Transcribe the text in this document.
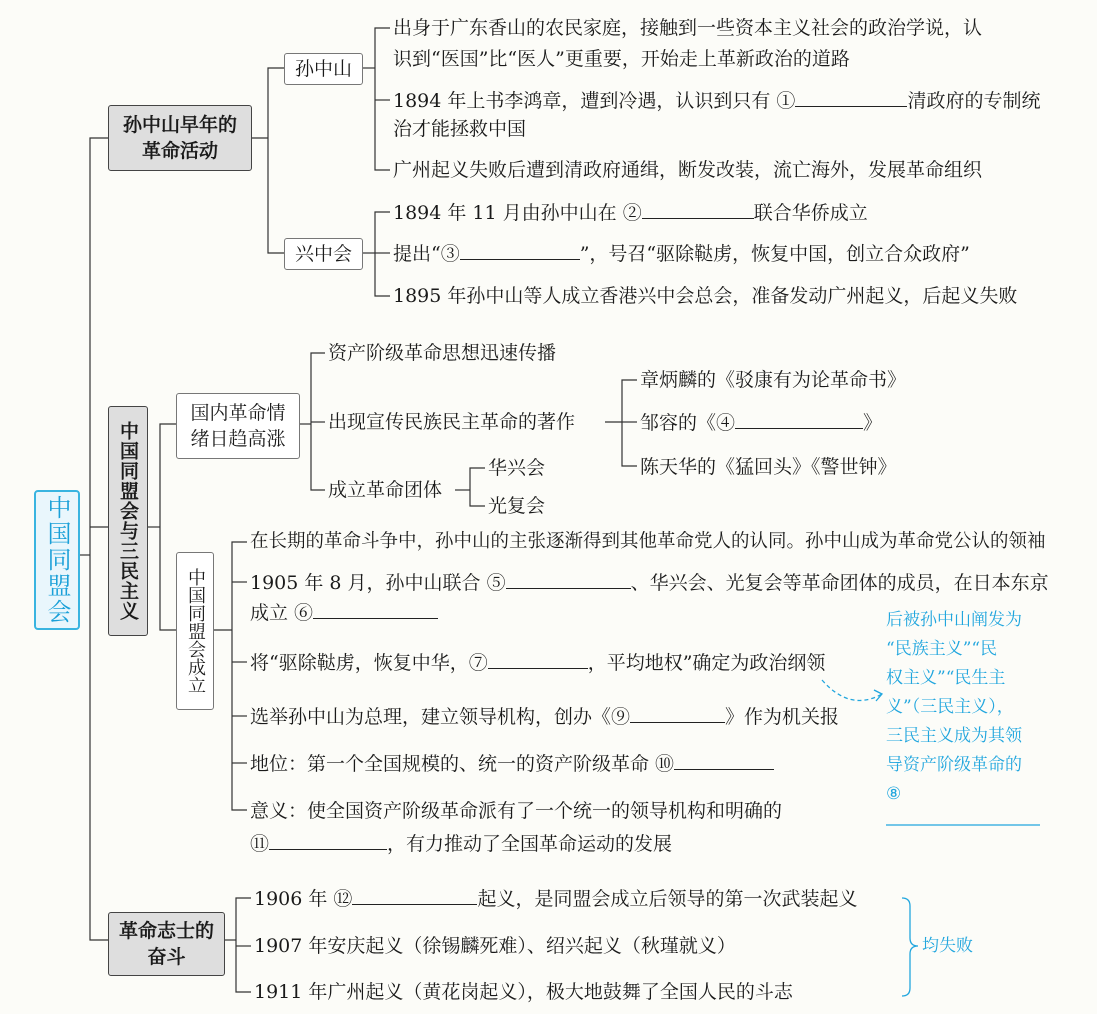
中国同盟会
孙中山早年的革命活动
孙中山
出身于广东香山的农民家庭，接触到一些资本主义社会的政治学说，认
识到“医国”比“医人”更重要，开始走上革新政治的道路
1894 年上书李鸿章，遭到冷遇，认识到只有 ①	清政府的专制统
治才能拯救中国
广州起义失败后遭到清政府通缉，断发改装，流亡海外，发展革命组织
兴中会
1894 年 11 月由孙中山在 ②	联合华侨成立
提出“③	”，号召“驱除鞑虏，恢复中国，创立合众政府”
1895 年孙中山等人成立香港兴中会总会，准备发动广州起义，后起义失败
中国同盟会与三民主义
国内革命情绪日趋高涨
资产阶级革命思想迅速传播
出现宣传民族民主革命的著作
章炳麟的《驳康有为论革命书》
邹容的《④	》
陈天华的《猛回头》《警世钟》
成立革命团体
华兴会
光复会
中国同盟会成立
在长期的革命斗争中，孙中山的主张逐渐得到其他革命党人的认同。孙中山成为革命党公认的领袖
1905 年 8 月，孙中山联合 ⑤	、华兴会、光复会等革命团体的成员，在日本东京
成立 ⑥
将“驱除鞑虏，恢复中华，⑦	，平均地权”确定为政治纲领
选举孙中山为总理，建立领导机构，创办《⑨	》作为机关报
地位：第一个全国规模的、统一的资产阶级革命 ⑩
意义：使全国资产阶级革命派有了一个统一的领导机构和明确的
⑪	，有力推动了全国革命运动的发展
后被孙中山阐发为
“民族主义”“民
权主义”“民生主
义”（三民主义），
三民主义成为其领
导资产阶级革命的
⑧
革命志士的奋斗
1906 年 ⑫	起义，是同盟会成立后领导的第一次武装起义
1907 年安庆起义（徐锡麟死难）、绍兴起义（秋瑾就义）
1911 年广州起义（黄花岗起义），极大地鼓舞了全国人民的斗志
均失败
